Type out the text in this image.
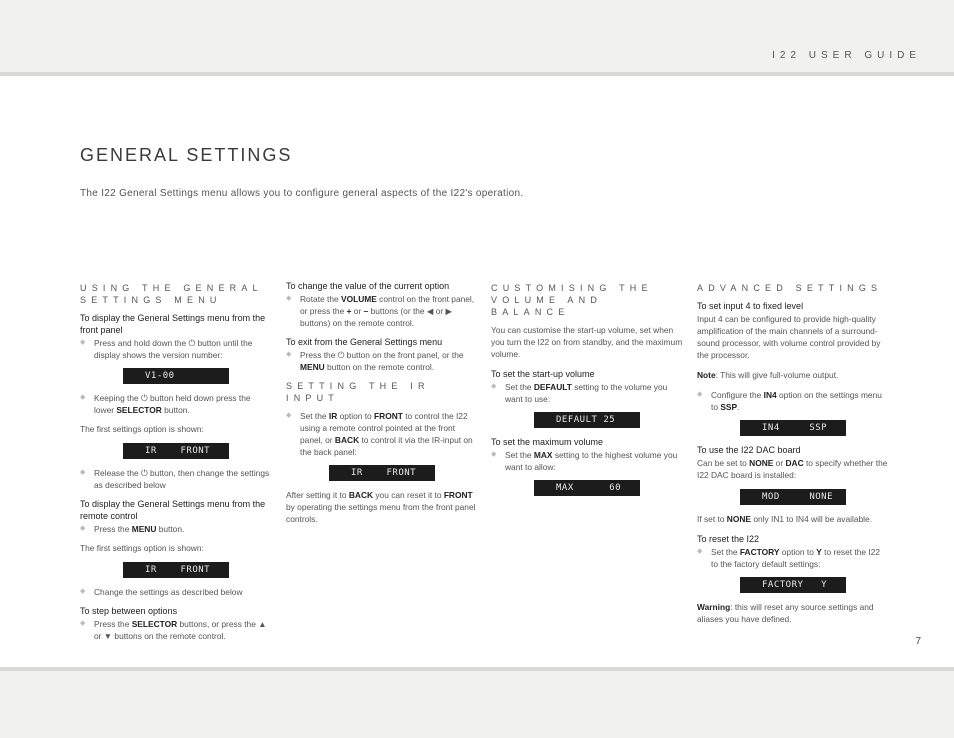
I22 USER GUIDE
GENERAL SETTINGS

The I22 General Settings menu allows you to configure general aspects of the I22's operation.

USING THE GENERAL SETTINGS MENU
To display the General Settings menu from the front panel
◆ Press and hold down the ⏻ button until the display shows the version number:
V1-00
◆ Keeping the ⏻ button held down press the lower SELECTOR button.
The first settings option is shown:
IR    FRONT
◆ Release the ⏻ button, then change the settings as described below
To display the General Settings menu from the remote control
◆ Press the MENU button.
The first settings option is shown:
IR    FRONT
◆ Change the settings as described below
To step between options
◆ Press the SELECTOR buttons, or press the ▲ or ▼ buttons on the remote control.
To change the value of the current option
◆ Rotate the VOLUME control on the front panel, or press the + or – buttons (or the ◀ or ▶ buttons) on the remote control.
To exit from the General Settings menu
◆ Press the ⏻ button on the front panel, or the MENU button on the remote control.
SETTING THE IR INPUT
◆ Set the IR option to FRONT to control the I22 using a remote control pointed at the front panel, or BACK to control it via the IR-input on the back panel:
IR    FRONT
After setting it to BACK you can reset it to FRONT by operating the settings menu from the front panel controls.
CUSTOMISING THE VOLUME AND BALANCE
You can customise the start-up volume, set when you turn the I22 on from standby, and the maximum volume.
To set the start-up volume
◆ Set the DEFAULT setting to the volume you want to use:
DEFAULT 25
To set the maximum volume
◆ Set the MAX setting to the highest volume you want to allow:
MAX      60
ADVANCED SETTINGS
To set input 4 to fixed level
Input 4 can be configured to provide high-quality amplification of the main channels of a surround-sound processor, with volume control provided by the processor.
Note: This will give full-volume output.
◆ Configure the IN4 option on the settings menu to SSP.
IN4     SSP
To use the I22 DAC board
Can be set to NONE or DAC to specify whether the I22 DAC board is installed:
MOD     NONE
If set to NONE only IN1 to IN4 will be available.
To reset the I22
◆ Set the FACTORY option to Y to reset the I22 to the factory default settings:
FACTORY   Y
Warning: this will reset any source settings and aliases you have defined.
7
